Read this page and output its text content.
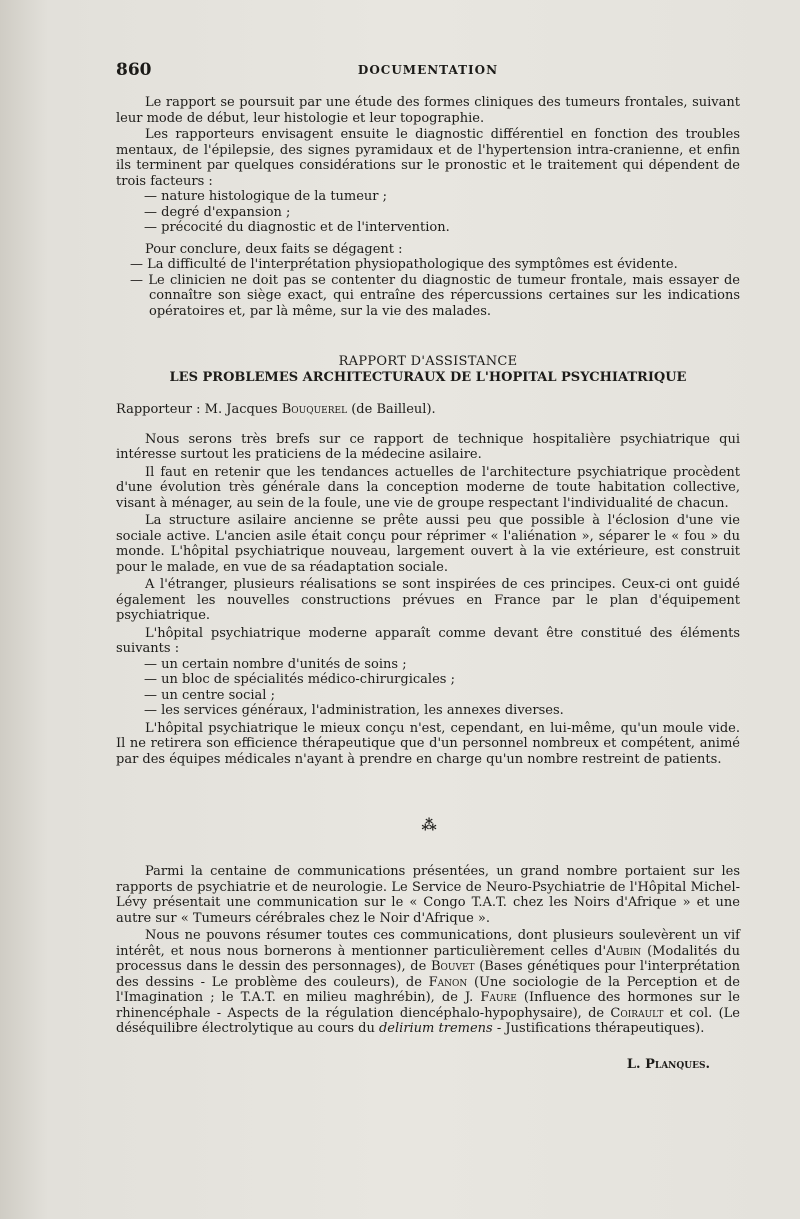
860	DOCUMENTATION

Le rapport se poursuit par une étude des formes cliniques des tumeurs frontales, suivant leur mode de début, leur histologie et leur topographie.

Les rapporteurs envisagent ensuite le diagnostic différentiel en fonction des troubles mentaux, de l'épilepsie, des signes pyramidaux et de l'hypertension intra-cranienne, et enfin ils terminent par quelques considérations sur le pronostic et le traitement qui dépendent de trois facteurs :

— nature histologique de la tumeur ;

— degré d'expansion ;

— précocité du diagnostic et de l'intervention.

Pour conclure, deux faits se dégagent :

— La difficulté de l'interprétation physiopathologique des symptômes est évidente.

— Le clinicien ne doit pas se contenter du diagnostic de tumeur frontale, mais essayer de connaître son siège exact, qui entraîne des répercussions certaines sur les indications opératoires et, par là même, sur la vie des malades.

RAPPORT D'ASSISTANCE

LES PROBLEMES ARCHITECTURAUX DE L'HOPITAL PSYCHIATRIQUE

Rapporteur : M. Jacques Bouquerel (de Bailleul).

Nous serons très brefs sur ce rapport de technique hospitalière psychiatrique qui intéresse surtout les praticiens de la médecine asilaire.

Il faut en retenir que les tendances actuelles de l'architecture psychiatrique procèdent d'une évolution très générale dans la conception moderne de toute habitation collective, visant à ménager, au sein de la foule, une vie de groupe respectant l'individualité de chacun.

La structure asilaire ancienne se prête aussi peu que possible à l'éclosion d'une vie sociale active. L'ancien asile était conçu pour réprimer « l'aliénation », séparer le « fou » du monde. L'hôpital psychiatrique nouveau, largement ouvert à la vie extérieure, est construit pour le malade, en vue de sa réadaptation sociale.

A l'étranger, plusieurs réalisations se sont inspirées de ces principes. Ceux-ci ont guidé également les nouvelles constructions prévues en France par le plan d'équipement psychiatrique.

L'hôpital psychiatrique moderne apparaît comme devant être constitué des éléments suivants :

— un certain nombre d'unités de soins ;

— un bloc de spécialités médico-chirurgicales ;

— un centre social ;

— les services généraux, l'administration, les annexes diverses.

L'hôpital psychiatrique le mieux conçu n'est, cependant, en lui-même, qu'un moule vide. Il ne retirera son efficience thérapeutique que d'un personnel nombreux et compétent, animé par des équipes médicales n'ayant à prendre en charge qu'un nombre restreint de patients.

⁂

Parmi la centaine de communications présentées, un grand nombre portaient sur les rapports de psychiatrie et de neurologie. Le Service de Neuro-Psychiatrie de l'Hôpital Michel-Lévy présentait une communication sur le « Congo T.A.T. chez les Noirs d'Afrique » et une autre sur « Tumeurs cérébrales chez le Noir d'Afrique ».

Nous ne pouvons résumer toutes ces communications, dont plusieurs soulevèrent un vif intérêt, et nous nous bornerons à mentionner particulièrement celles d'Aubin (Modalités du processus dans le dessin des personnages), de Bouvet (Bases génétiques pour l'interprétation des dessins - Le problème des couleurs), de Fanon (Une sociologie de la Perception et de l'Imagination ; le T.A.T. en milieu maghrébin), de J. Faure (Influence des hormones sur le rhinencéphale - Aspects de la régulation diencéphalo-hypophysaire), de Coirault et col. (Le déséquilibre électrolytique au cours du delirium tremens - Justifications thérapeutiques).

L. Planques.
